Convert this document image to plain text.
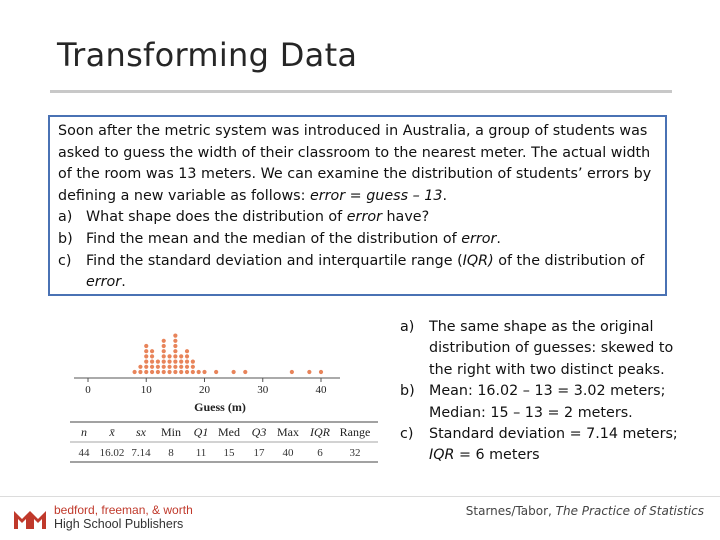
Transforming Data

Soon after the metric system was introduced in Australia, a group of students was asked to guess the width of their classroom to the nearest meter. The actual width of the room was 13 meters. We can examine the distribution of students’ errors by defining a new variable as follows: error = guess – 13.

a) What shape does the distribution of error have?
b) Find the mean and the median of the distribution of error.
c)	Find the standard deviation and interquartile range (IQR) of the distribution of error.
0	10	20	30	40
Guess (m)
n x̄ sx Min Q1 Med Q3 Max IQR Range
44 16.02 7.14 8 11 15 17 40 6 32
a)	The same shape as the original distribution of guesses: skewed to the right with two distinct peaks.
b)	Mean: 16.02 – 13 = 3.02 meters; Median: 15 – 13 = 2 meters.
c)	Standard deviation = 7.14 meters; IQR = 6 meters
bedford, freeman, & worth
High School Publishers
Starnes/Tabor, The Practice of Statistics
